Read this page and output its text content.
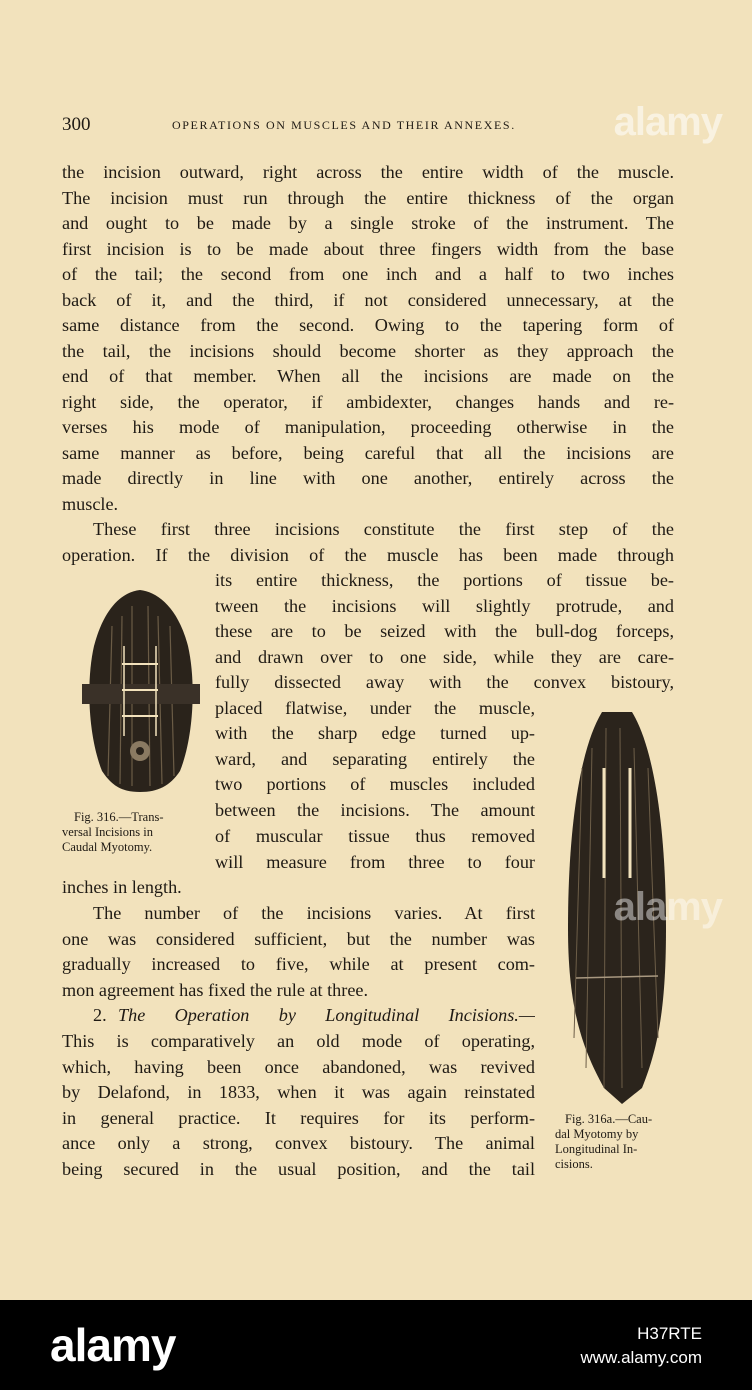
300	OPERATIONS ON MUSCLES AND THEIR ANNEXES. alamy
the incision outward, right across the entire width of the muscle.
The incision must run through the entire thickness of the organ
and ought to be made by a single stroke of the instrument. The
first incision is to be made about three fingers width from the base
of the tail; the second from one inch and a half to two inches
back of it, and the third, if not considered unnecessary, at the
same distance from the second. Owing to the tapering form of
the tail, the incisions should become shorter as they approach the
end of that member. When all the incisions are made on the
right side, the operator, if ambidexter, changes hands and re-
verses his mode of manipulation, proceeding otherwise in the
same manner as before, being careful that all the incisions are
made directly in line with one another, entirely across the
muscle.
These first three incisions constitute the first step of the
operation. If the division of the muscle has been made through
its entire thickness, the portions of tissue be-
tween the incisions will slightly protrude, and
these are to be seized with the bull-dog forceps,
and drawn over to one side, while they are care-
fully dissected away with the convex bistoury,
placed flatwise, under the muscle,
with the sharp edge turned up-
ward, and separating entirely the
two portions of muscles included
between the incisions. The amount
of muscular tissue thus removed
will measure from three to four
inches in length.
The number of the incisions varies. At first
one was considered sufficient, but the number was
gradually increased to five, while at present com-
mon agreement has fixed the rule at three.
2. The Operation by Longitudinal Incisions.—
This is comparatively an old mode of operating,
which, having been once abandoned, was revived
by Delafond, in 1833, when it was again reinstated
in general practice. It requires for its perform-
ance only a strong, convex bistoury. The animal
being secured in the usual position, and the tail
Fig. 316.—Trans-
versal Incisions in
Caudal Myotomy.
Fig. 316a.—Cau-
dal Myotomy by
Longitudinal In-
cisions.
alamy
alamy	H37RTE
www.alamy.com
